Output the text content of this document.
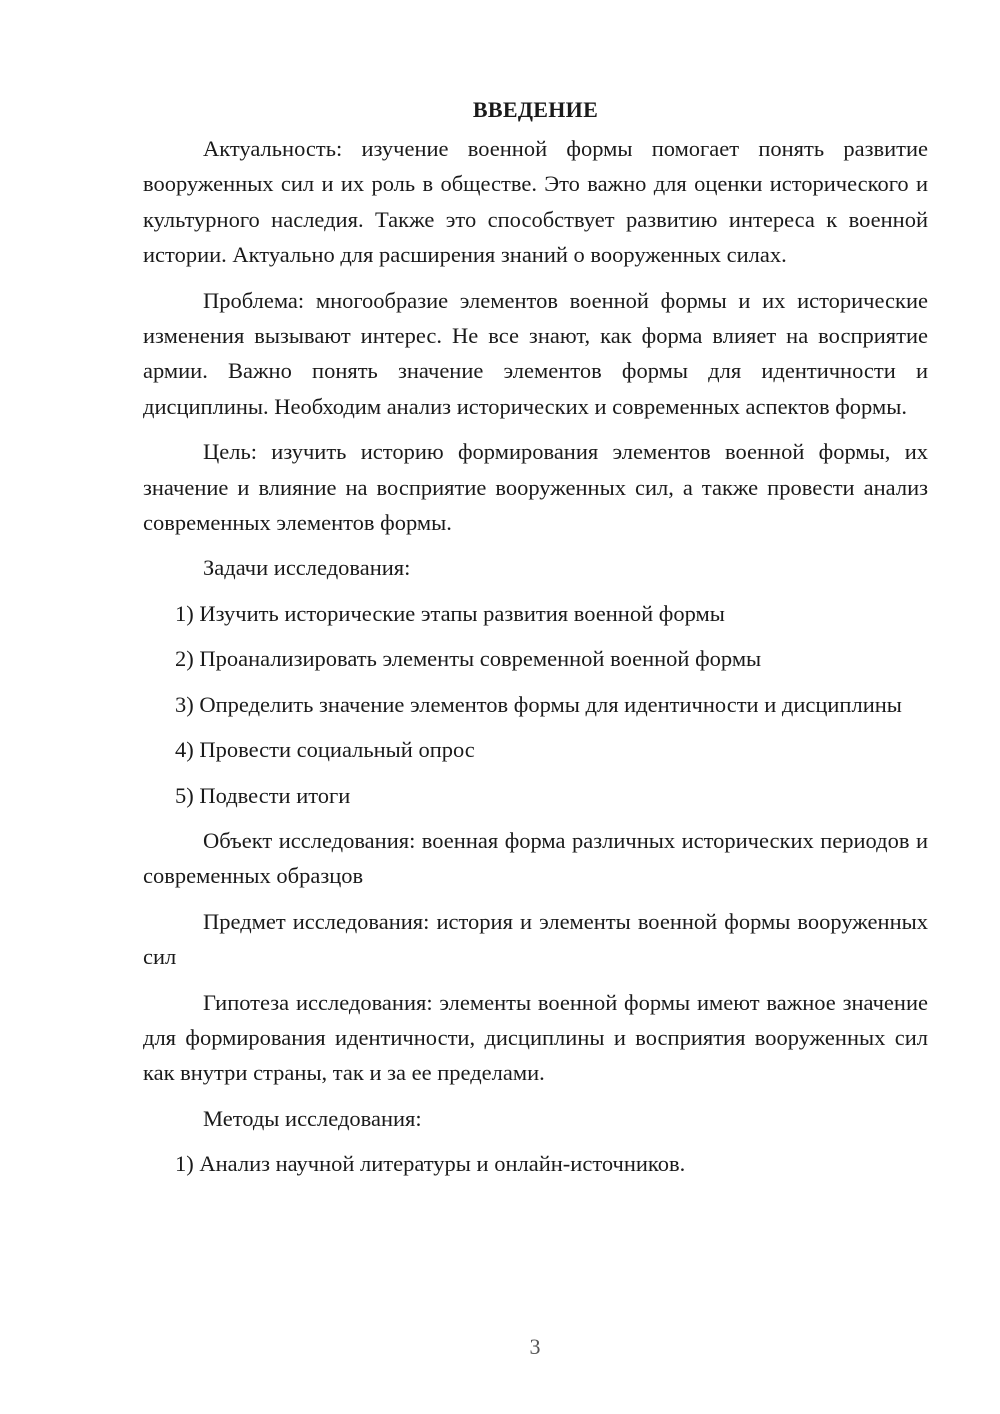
ВВЕДЕНИЕ

Актуальность: изучение военной формы помогает понять развитие вооруженных сил и их роль в обществе. Это важно для оценки исторического и культурного наследия. Также это способствует развитию интереса к военной истории. Актуально для расширения знаний о вооруженных силах.

Проблема: многообразие элементов военной формы и их исторические изменения вызывают интерес. Не все знают, как форма влияет на восприятие армии. Важно понять значение элементов формы для идентичности и дисциплины. Необходим анализ исторических и современных аспектов формы.

Цель: изучить историю формирования элементов военной формы, их значение и влияние на восприятие вооруженных сил, а также провести анализ современных элементов формы.

Задачи исследования:

1) Изучить исторические этапы развития военной формы

2) Проанализировать элементы современной военной формы

3) Определить значение элементов формы для идентичности и дисциплины

4) Провести социальный опрос

5) Подвести итоги

Объект исследования: военная форма различных исторических периодов и современных образцов

Предмет исследования: история и элементы военной формы вооруженных сил

Гипотеза исследования: элементы военной формы имеют важное значение для формирования идентичности, дисциплины и восприятия вооруженных сил как внутри страны, так и за ее пределами.

Методы исследования:

1) Анализ научной литературы и онлайн-источников.

3
